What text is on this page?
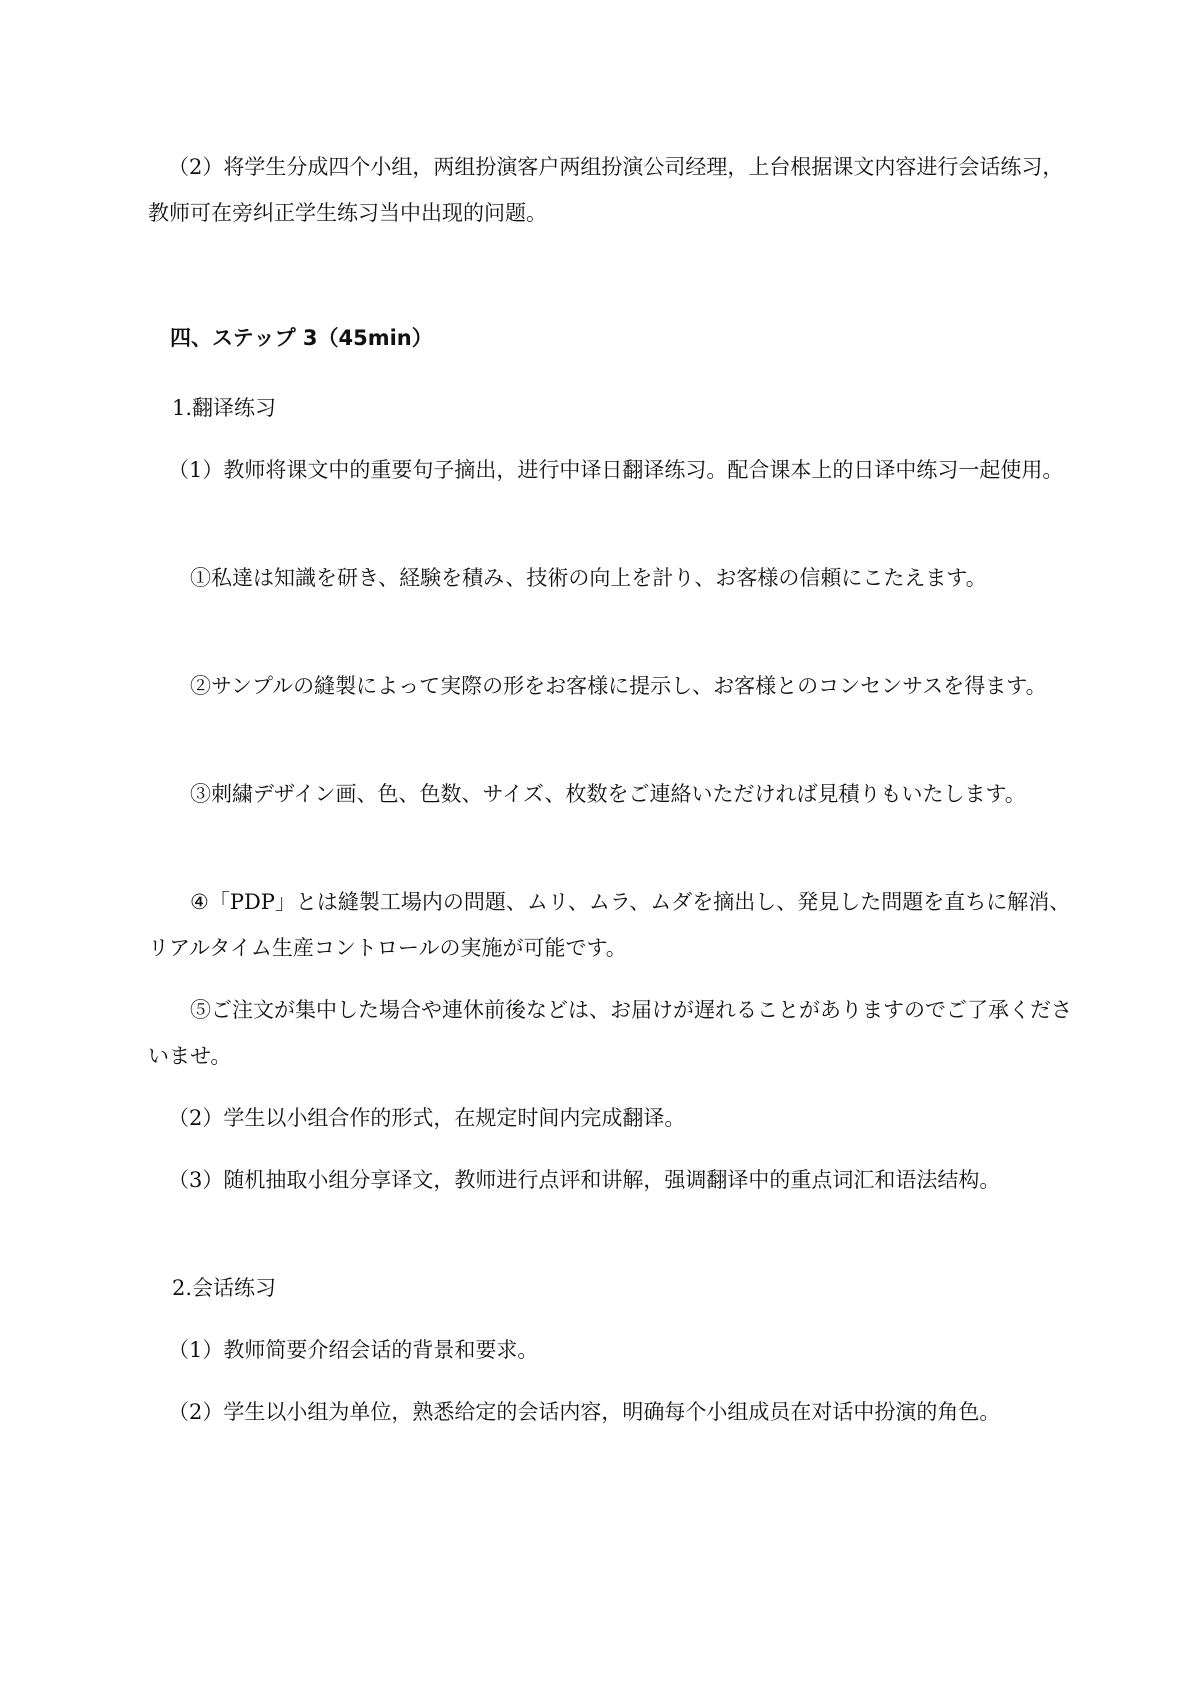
（2）将学生分成四个小组，两组扮演客户两组扮演公司经理，上台根据课文内容进行会话练习，教师可在旁纠正学生练习当中出现的问题。

四、ステップ 3（45min）

1.翻译练习

（1）教师将课文中的重要句子摘出，进行中译日翻译练习。配合课本上的日译中练习一起使用。

①私達は知識を研き、経験を積み、技術の向上を計り、お客様の信頼にこたえます。

②サンプルの縫製によって実際の形をお客様に提示し、お客様とのコンセンサスを得ます。

③刺繍デザイン画、色、色数、サイズ、枚数をご連絡いただければ見積りもいたします。

④「PDP」とは縫製工場内の問題、ムリ、ムラ、ムダを摘出し、発見した問題を直ちに解消、リアルタイム生産コントロールの実施が可能です。

⑤ご注文が集中した場合や連休前後などは、お届けが遅れることがありますのでご了承くださいませ。

（2）学生以小组合作的形式，在规定时间内完成翻译。

（3）随机抽取小组分享译文，教师进行点评和讲解，强调翻译中的重点词汇和语法结构。

2.会话练习

（1）教师简要介绍会话的背景和要求。

（2）学生以小组为单位，熟悉给定的会话内容，明确每个小组成员在对话中扮演的角色。
